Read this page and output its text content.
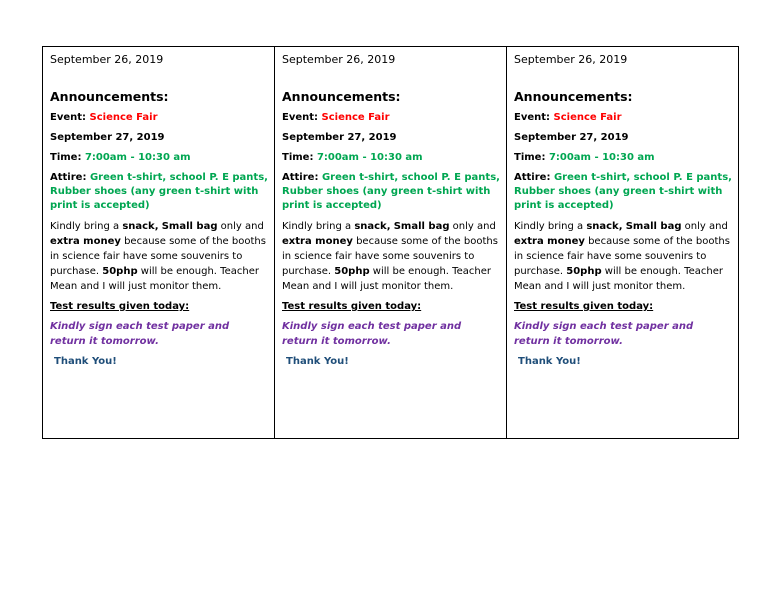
September 26, 2019
Announcements:
Event: Science Fair
September 27, 2019
Time: 7:00am - 10:30 am
Attire: Green t-shirt, school P. E pants, Rubber shoes (any green t-shirt with print is accepted)
Kindly bring a snack, Small bag only and extra money because some of the booths in science fair have some souvenirs to purchase. 50php will be enough. Teacher Mean and I will just monitor them.
Test results given today:
Kindly sign each test paper and return it tomorrow.
Thank You!
September 26, 2019
Announcements:
Event: Science Fair
September 27, 2019
Time: 7:00am - 10:30 am
Attire: Green t-shirt, school P. E pants, Rubber shoes (any green t-shirt with print is accepted)
Kindly bring a snack, Small bag only and extra money because some of the booths in science fair have some souvenirs to purchase. 50php will be enough. Teacher Mean and I will just monitor them.
Test results given today:
Kindly sign each test paper and return it tomorrow.
Thank You!
September 26, 2019
Announcements:
Event: Science Fair
September 27, 2019
Time: 7:00am - 10:30 am
Attire: Green t-shirt, school P. E pants, Rubber shoes (any green t-shirt with print is accepted)
Kindly bring a snack, Small bag only and extra money because some of the booths in science fair have some souvenirs to purchase. 50php will be enough. Teacher Mean and I will just monitor them.
Test results given today:
Kindly sign each test paper and return it tomorrow.
Thank You!
